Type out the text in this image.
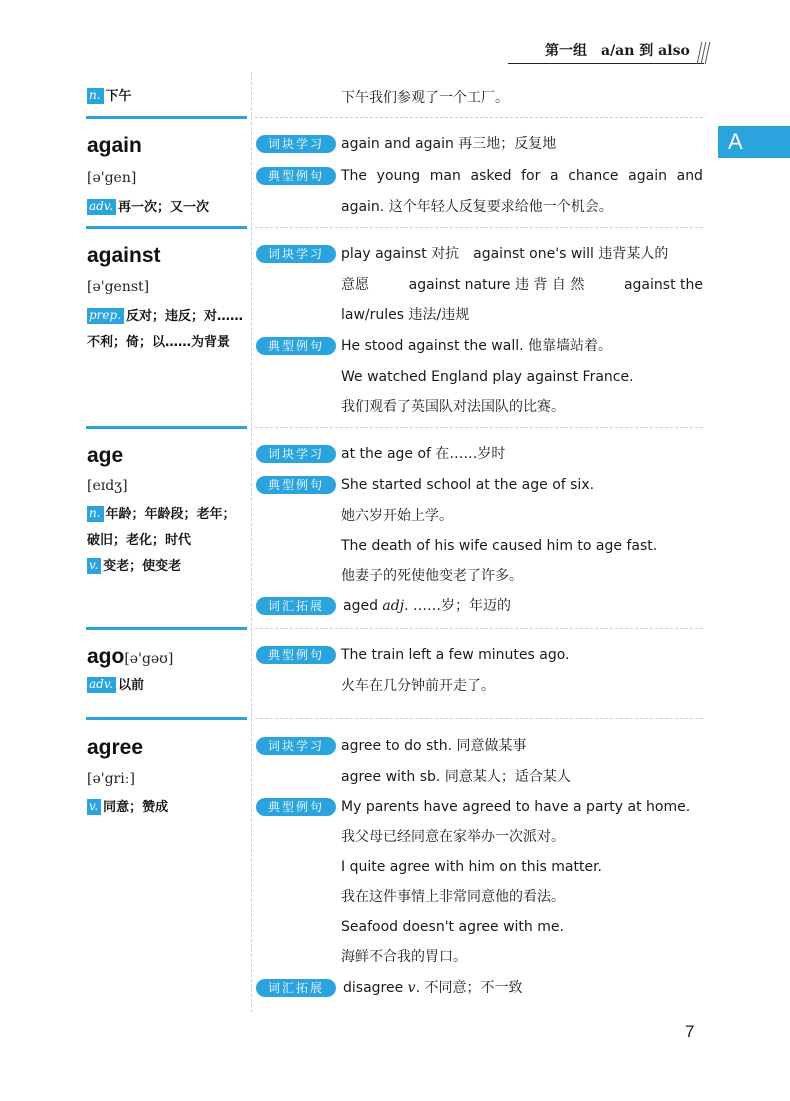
第一组　a/an 到 also
A
n. 下午	下午我们参观了一个工厂。
again
[ə'gen]
adv. 再一次；又一次
词块学习	again and again 再三地；反复地
典型例句	The young man asked for a chance again and
again. 这个年轻人反复要求给他一个机会。
against
[ə'genst]
prep. 反对；违反；对……
不利；倚；以……为背景
词块学习	play against 对抗　against one's will 违背某人的
意愿	against nature 违 背 自 然	against the
law/rules 违法/违规
典型例句	He stood against the wall. 他靠墙站着。
We watched England play against France.
我们观看了英国队对法国队的比赛。
age
[eɪdʒ]
n. 年龄；年龄段；老年；
破旧；老化；时代
v. 变老；使变老
词块学习	at the age of 在……岁时
典型例句	She started school at the age of six.
她六岁开始上学。
The death of his wife caused him to age fast.
他妻子的死使他变老了许多。
词汇拓展	aged adj. ……岁；年迈的
ago[ə'gəʊ]
adv. 以前
典型例句	The train left a few minutes ago.
火车在几分钟前开走了。
agree
[ə'griː]
v. 同意；赞成
词块学习	agree to do sth. 同意做某事
agree with sb. 同意某人；适合某人
典型例句	My parents have agreed to have a party at home.
我父母已经同意在家举办一次派对。
I quite agree with him on this matter.
我在这件事情上非常同意他的看法。
Seafood doesn't agree with me.
海鲜不合我的胃口。
词汇拓展	disagree v. 不同意；不一致
7
